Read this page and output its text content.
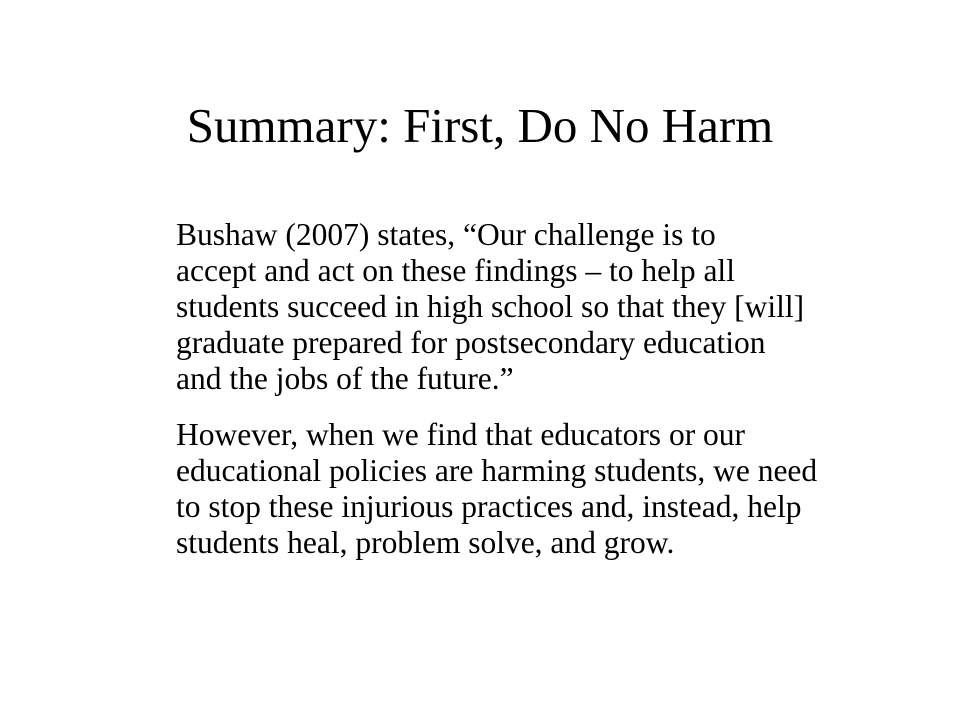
Summary: First, Do No Harm

Bushaw (2007) states, “Our challenge is to
accept and act on these findings – to help all
students succeed in high school so that they [will]
graduate prepared for postsecondary education
and the jobs of the future.”

However, when we find that educators or our
educational policies are harming students, we need
to stop these injurious practices and, instead, help
students heal, problem solve, and grow.
